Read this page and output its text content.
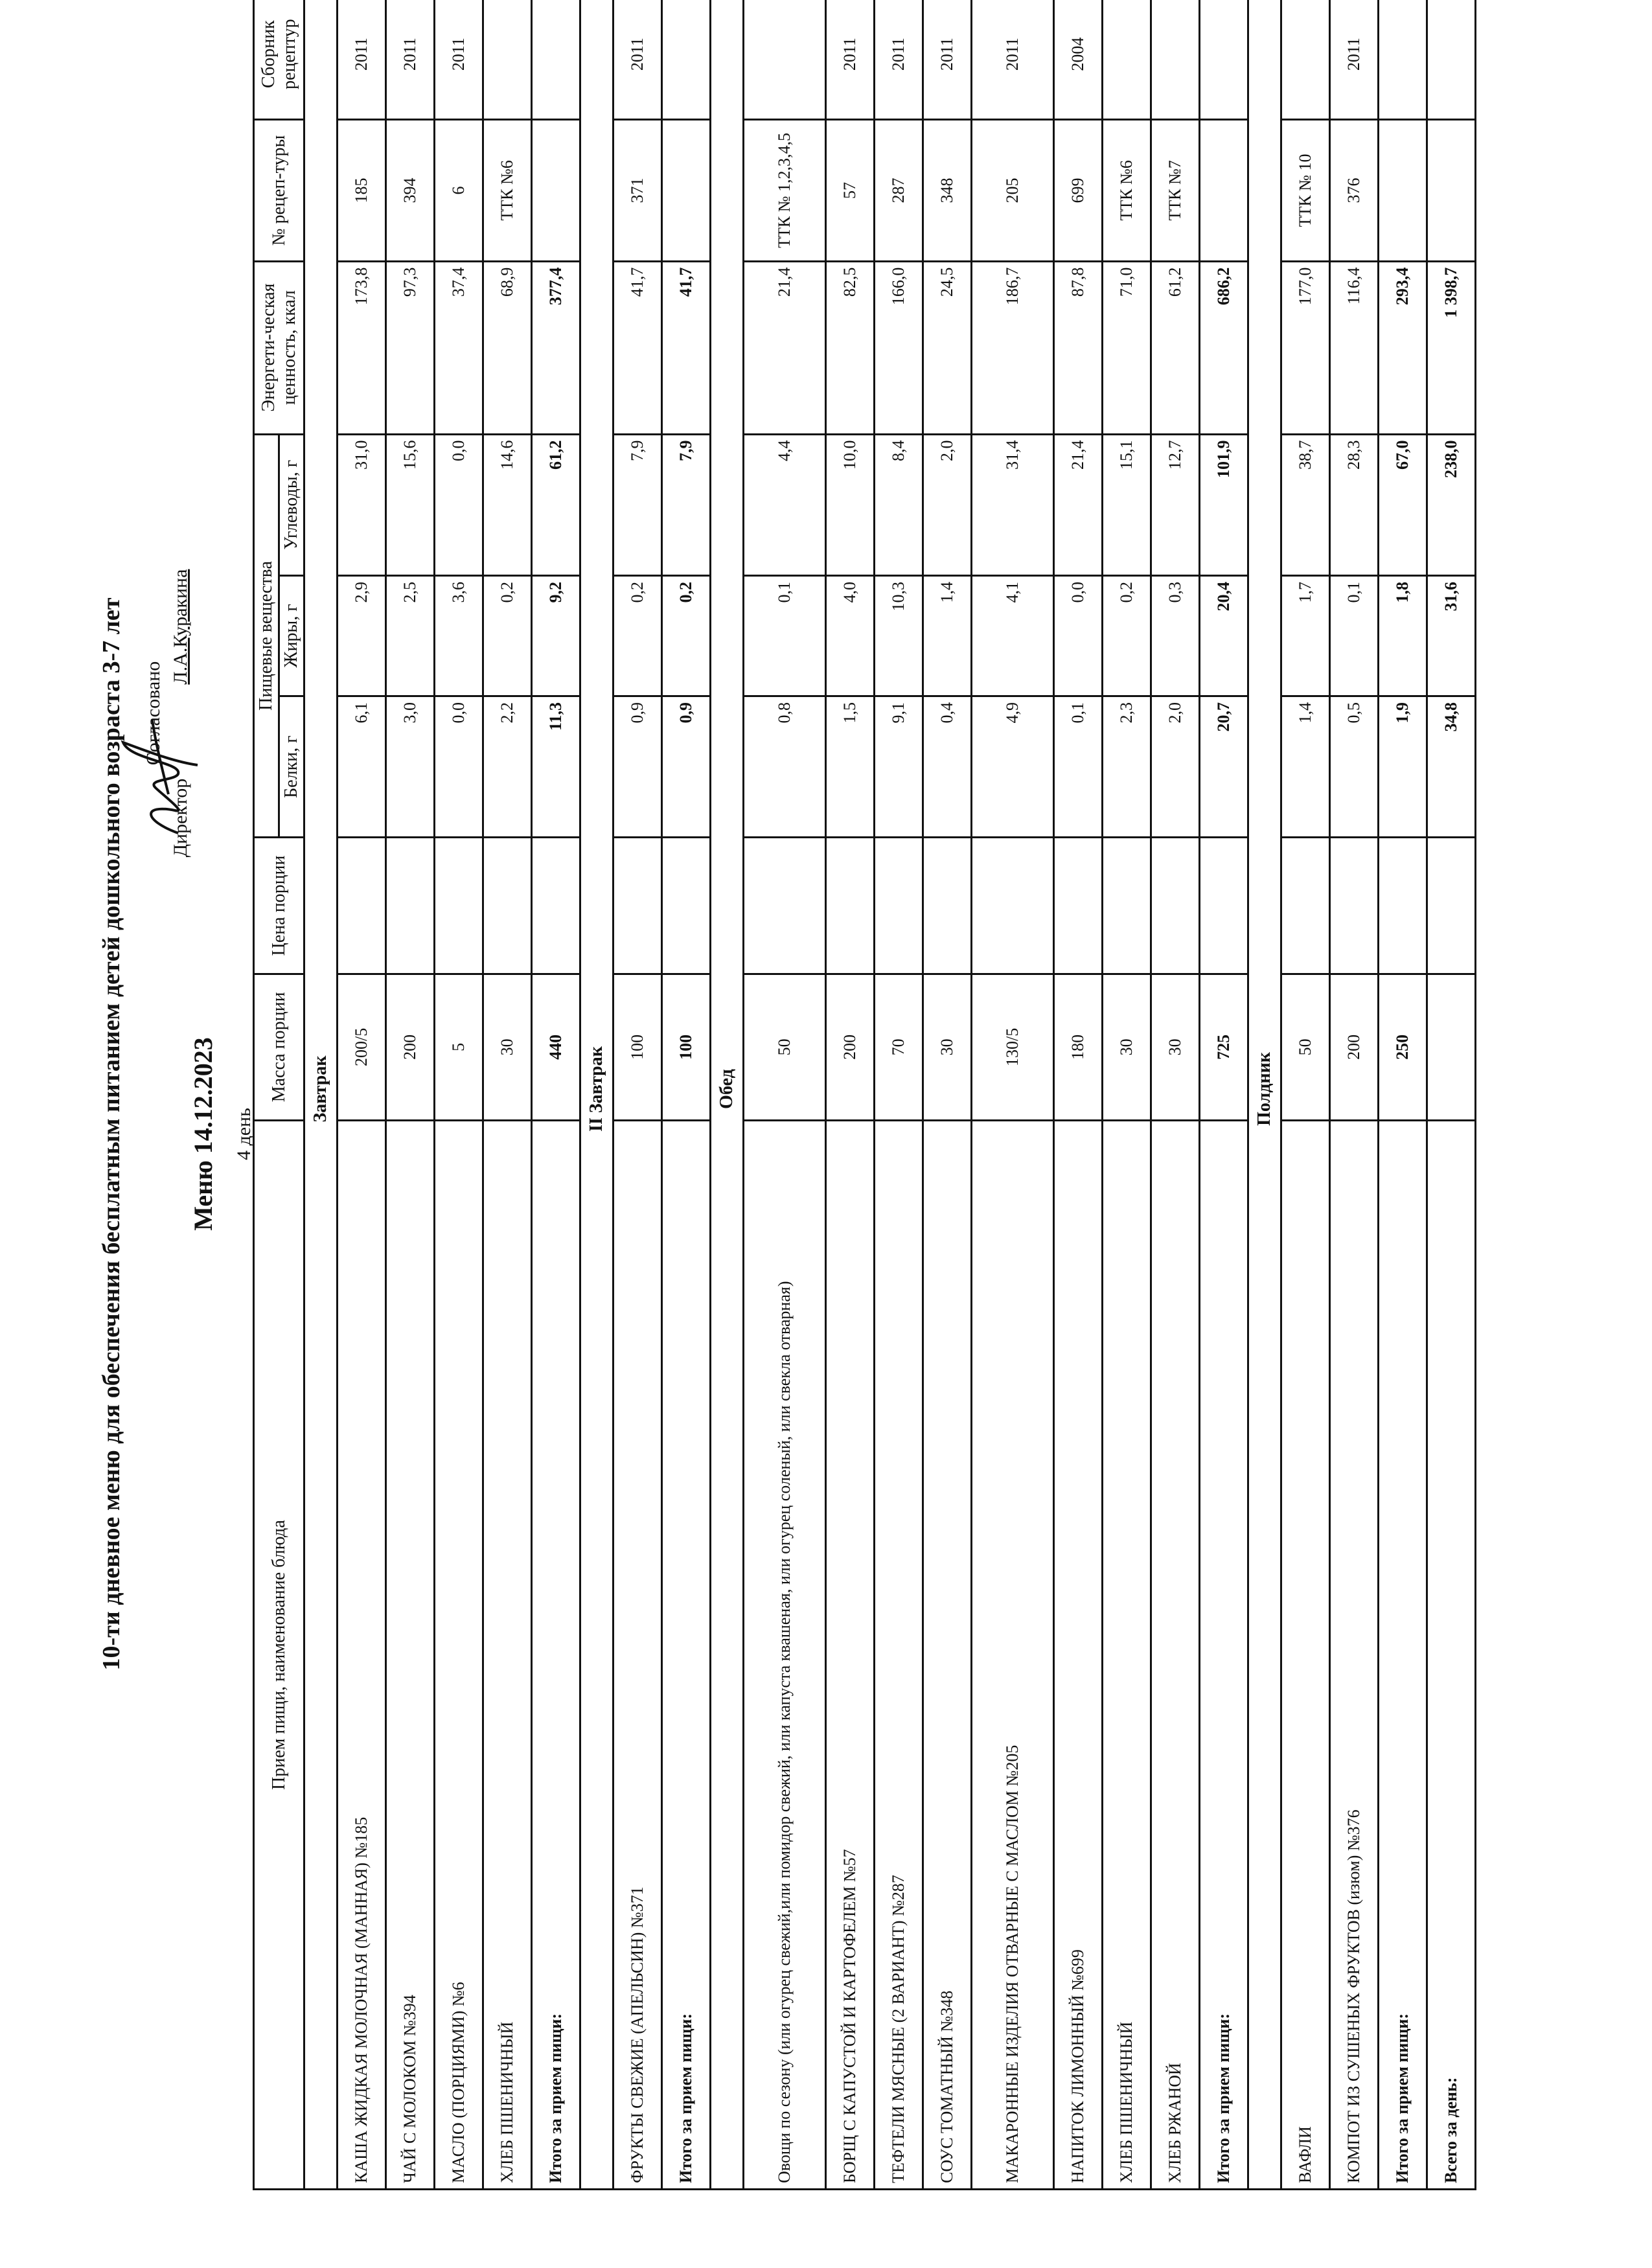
10-ти дневное меню для обеспечения бесплатным питанием детей дошкольного возраста 3-7 лет Согласовано
Директор  Л.А.Куракина
Меню 14.12.2023 4 день
Прием пищи, наименование блюда	Масса порции	Цена порции	Пищевые вещества			Энергети-ческая ценность, ккал	№ рецеп-туры	Сборник рецептур
			Белки, г	Жиры, г	Углеводы, г			
Завтрак								
КАША ЖИДКАЯ МОЛОЧНАЯ (МАННАЯ) №185	200/5		6,1	2,9	31,0	173,8	185	2011
ЧАЙ С МОЛОКОМ №394	200		3,0	2,5	15,6	97,3	394	2011
МАСЛО (ПОРЦИЯМИ) №6	5		0,0	3,6	0,0	37,4	6	2011
ХЛЕБ ПШЕНИЧНЫЙ	30		2,2	0,2	14,6	68,9	ТТК №6	
Итого за прием пищи:	440		11,3	9,2	61,2	377,4		
II Завтрак								
ФРУКТЫ СВЕЖИЕ (АПЕЛЬСИН) №371	100		0,9	0,2	7,9	41,7	371	2011
Итого за прием пищи:	100		0,9	0,2	7,9	41,7		
Обед								
Овощи по сезону (или огурец свежий,или помидор свежий, или капуста квашеная, или огурец соленый, или свекла отварная)	50		0,8	0,1	4,4	21,4	ТТК № 1,2,3,4,5	
БОРЩ С КАПУСТОЙ И КАРТОФЕЛЕМ №57	200		1,5	4,0	10,0	82,5	57	2011
ТЕФТЕЛИ МЯСНЫЕ (2 ВАРИАНТ) №287	70		9,1	10,3	8,4	166,0	287	2011
СОУС ТОМАТНЫЙ №348	30		0,4	1,4	2,0	24,5	348	2011
МАКАРОННЫЕ ИЗДЕЛИЯ ОТВАРНЫЕ С МАСЛОМ №205	130/5		4,9	4,1	31,4	186,7	205	2011
НАПИТОК ЛИМОННЫЙ №699	180		0,1	0,0	21,4	87,8	699	2004
ХЛЕБ ПШЕНИЧНЫЙ	30		2,3	0,2	15,1	71,0	ТТК №6	
ХЛЕБ РЖАНОЙ	30		2,0	0,3	12,7	61,2	ТТК №7	
Итого за прием пищи:	725		20,7	20,4	101,9	686,2		
Полдник								
ВАФЛИ	50		1,4	1,7	38,7	177,0	ТТК № 10	
КОМПОТ ИЗ СУШЕНЫХ ФРУКТОВ (изюм) №376	200		0,5	0,1	28,3	116,4	376	2011
Итого за прием пищи:	250		1,9	1,8	67,0	293,4		
Всего за день:			34,8	31,6	238,0	1 398,7		
